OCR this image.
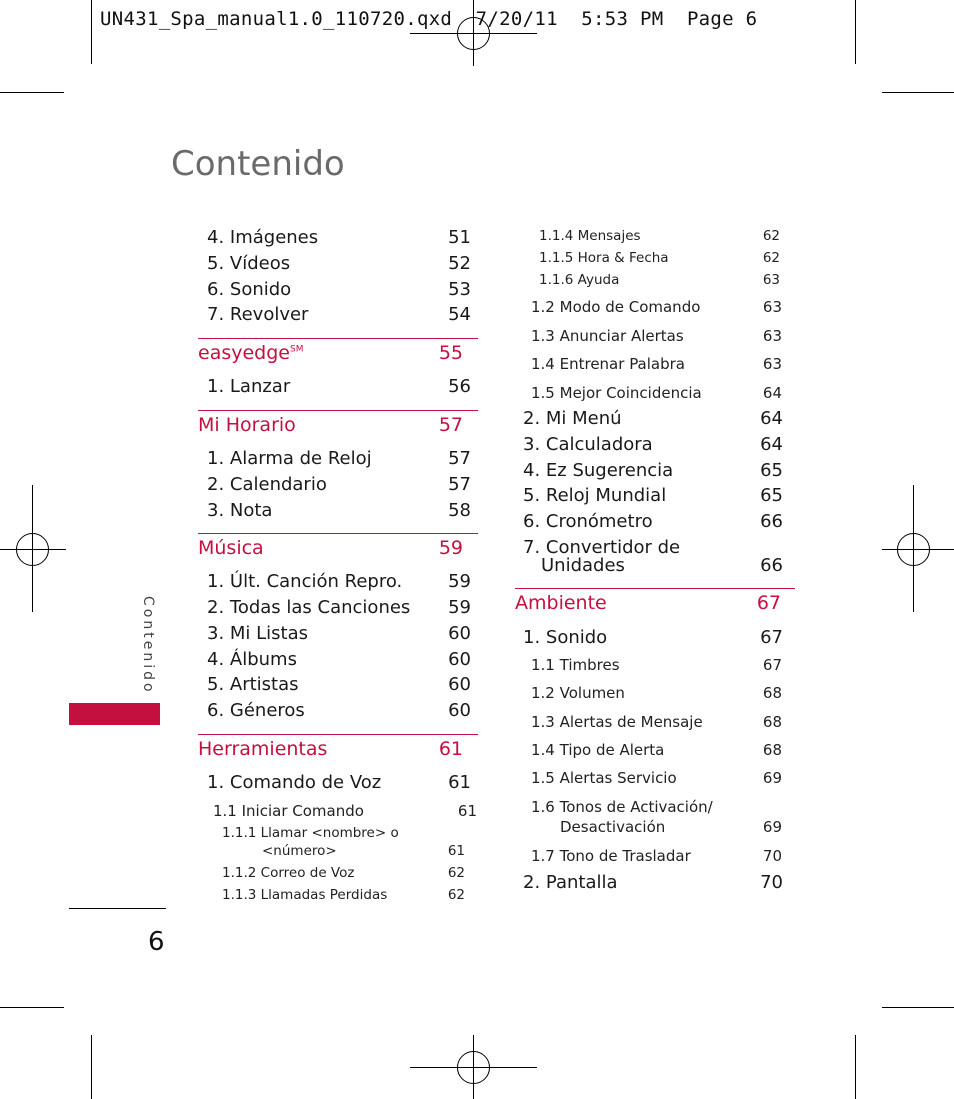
UN431_Spa_manual1.0_110720.qxd  7/20/11  5:53 PM  Page 6
Contenido
4. Imágenes	51
5. Vídeos	52
6. Sonido	53
7. Revolver	54
easyedge℠	55
1. Lanzar	56
Mi Horario	57
1. Alarma de Reloj	57
2. Calendario	57
3. Nota	58
Música	59
1. Últ. Canción Repro.	59
2. Todas las Canciones	59
3. Mi Listas	60
4. Álbums	60
5. Artistas	60
6. Géneros	60
Herramientas	61
1. Comando de Voz	61
1.1 Iniciar Comando	61
1.1.1 Llamar <nombre> o
<número>	61
1.1.2 Correo de Voz	62
1.1.3 Llamadas Perdidas	62
1.1.4 Mensajes	62
1.1.5 Hora & Fecha	62
1.1.6 Ayuda	63
1.2 Modo de Comando	63
1.3 Anunciar Alertas	63
1.4 Entrenar Palabra	63
1.5 Mejor Coincidencia	64
2. Mi Menú	64
3. Calculadora	64
4. Ez Sugerencia	65
5. Reloj Mundial	65
6. Cronómetro	66
7. Convertidor de
Unidades	66
Ambiente	67
1. Sonido	67
1.1 Timbres	67
1.2 Volumen	68
1.3 Alertas de Mensaje	68
1.4 Tipo de Alerta	68
1.5 Alertas Servicio	69
1.6 Tonos de Activación/
Desactivación	69
1.7 Tono de Trasladar	70
2. Pantalla	70
Contenido
6
